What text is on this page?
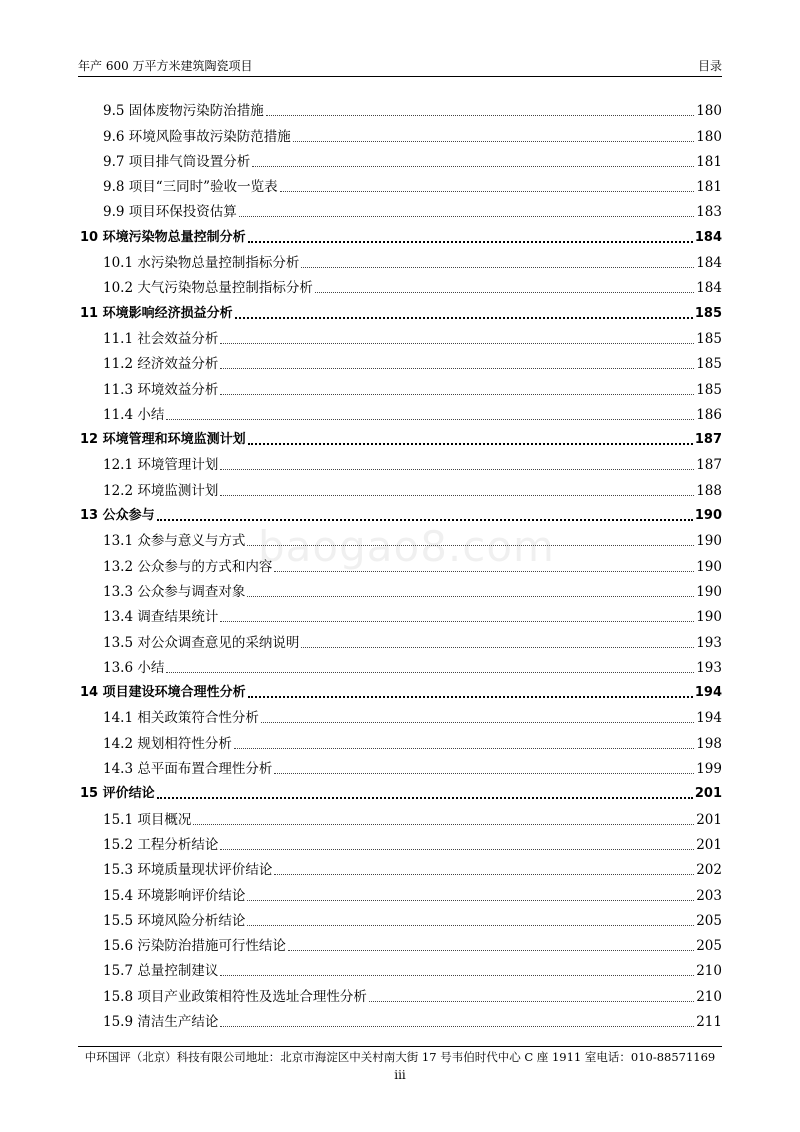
年产 600 万平方米建筑陶瓷项目	目录
baogao8.com
9.5 固体废物污染防治措施	180
9.6 环境风险事故污染防范措施	180
9.7 项目排气筒设置分析	181
9.8 项目“三同时”验收一览表	181
9.9 项目环保投资估算	183
10 环境污染物总量控制分析	184
10.1 水污染物总量控制指标分析	184
10.2 大气污染物总量控制指标分析	184
11 环境影响经济损益分析	185
11.1 社会效益分析	185
11.2 经济效益分析	185
11.3 环境效益分析	185
11.4 小结	186
12 环境管理和环境监测计划	187
12.1 环境管理计划	187
12.2 环境监测计划	188
13 公众参与	190
13.1 众参与意义与方式	190
13.2 公众参与的方式和内容	190
13.3 公众参与调查对象	190
13.4 调查结果统计	190
13.5 对公众调查意见的采纳说明	193
13.6 小结	193
14 项目建设环境合理性分析	194
14.1 相关政策符合性分析	194
14.2 规划相符性分析	198
14.3 总平面布置合理性分析	199
15 评价结论	201
15.1 项目概况	201
15.2 工程分析结论	201
15.3 环境质量现状评价结论	202
15.4 环境影响评价结论	203
15.5 环境风险分析结论	205
15.6 污染防治措施可行性结论	205
15.7 总量控制建议	210
15.8 项目产业政策相符性及选址合理性分析	210
15.9 清洁生产结论	211
中环国评（北京）科技有限公司地址：北京市海淀区中关村南大街 17 号韦伯时代中心 C 座 1911 室电话：010-88571169
iii
